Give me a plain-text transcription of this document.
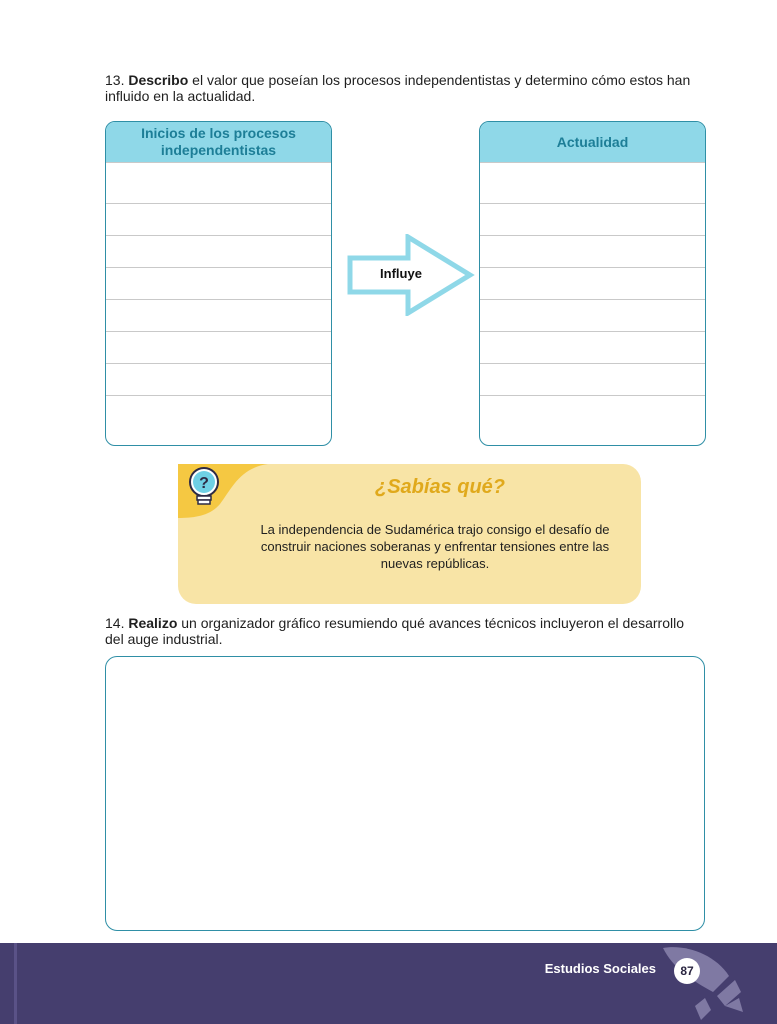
13. Describo el valor que poseían los procesos independentistas y determino cómo estos han influido en la actualidad.
Inicios de los procesos independentistas
Influye
Actualidad
?	¿Sabías qué?
La independencia de Sudamérica trajo consigo el desafío de construir naciones soberanas y enfrentar tensiones entre las nuevas repúblicas.
14. Realizo un organizador gráfico resumiendo qué avances técnicos incluyeron el desarrollo del auge industrial.
Estudios Sociales	87
